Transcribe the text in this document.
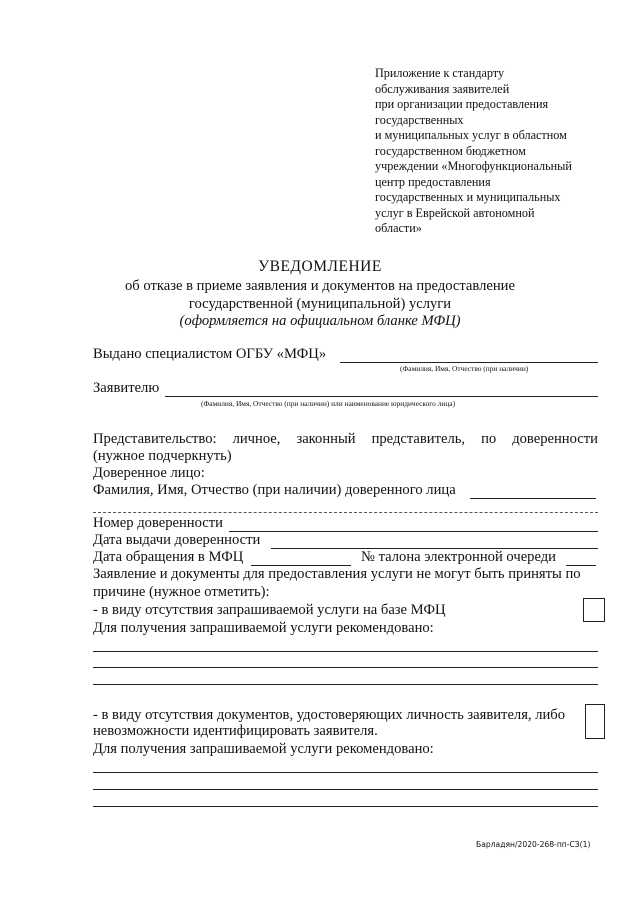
Приложение к стандарту
обслуживания заявителей
при организации предоставления
государственных
и муниципальных услуг в областном
государственном бюджетном
учреждении «Многофункциональный
центр предоставления
государственных и муниципальных
услуг в Еврейской автономной
области»
УВЕДОМЛЕНИЕ
об отказе в приеме заявления и документов на предоставление
государственной (муниципальной) услуги
(оформляется на официальном бланке МФЦ)
Выдано специалистом ОГБУ «МФЦ»
(Фамилия, Имя, Отчество (при наличии)
Заявителю
(Фамилия, Имя, Отчество (при наличии) или наименование юридического лица)
Представительство: личное, законный представитель, по доверенности
(нужное подчеркнуть)
Доверенное лицо:
Фамилия, Имя, Отчество (при наличии) доверенного лица
Номер доверенности
Дата выдачи доверенности
Дата обращения в МФЦ	№ талона электронной очереди
Заявление и документы для предоставления услуги не могут быть приняты по
причине (нужное отметить):
- в виду отсутствия запрашиваемой услуги на базе МФЦ
Для получения запрашиваемой услуги рекомендовано:
- в виду отсутствия документов, удостоверяющих личность заявителя, либо
невозможности идентифицировать заявителя.
Для получения запрашиваемой услуги рекомендовано:
Барладян/2020-268-пп-СЗ(1)
